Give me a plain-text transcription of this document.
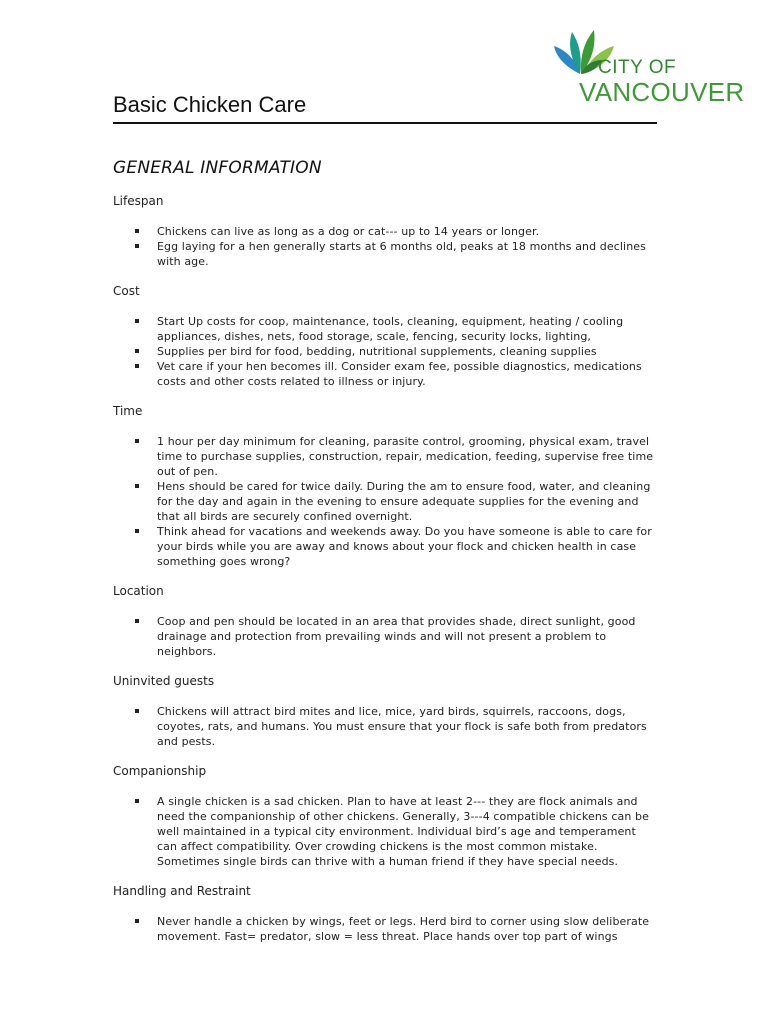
CITY OF
VANCOUVER
Basic Chicken Care
GENERAL INFORMATION

Lifespan

Chickens can live as long as a dog or cat--- up to 14 years or longer.
Egg laying for a hen generally starts at 6 months old, peaks at 18 months and declines with age.

Cost

Start Up costs for coop, maintenance, tools, cleaning, equipment, heating / cooling appliances, dishes, nets, food storage, scale, fencing, security locks, lighting,
Supplies per bird for food, bedding, nutritional supplements, cleaning supplies
Vet care if your hen becomes ill. Consider exam fee, possible diagnostics, medications costs and other costs related to illness or injury.

Time

1 hour per day minimum for cleaning, parasite control, grooming, physical exam, travel time to purchase supplies, construction, repair, medication, feeding, supervise free time out of pen.
Hens should be cared for twice daily. During the am to ensure food, water, and cleaning for the day and again in the evening to ensure adequate supplies for the evening and that all birds are securely confined overnight.
Think ahead for vacations and weekends away. Do you have someone is able to care for your birds while you are away and knows about your flock and chicken health in case something goes wrong?

Location

Coop and pen should be located in an area that provides shade, direct sunlight, good drainage and protection from prevailing winds and will not present a problem to neighbors.

Uninvited guests

Chickens will attract bird mites and lice, mice, yard birds, squirrels, raccoons, dogs, coyotes, rats, and humans. You must ensure that your flock is safe both from predators and pests.

Companionship

A single chicken is a sad chicken. Plan to have at least 2--- they are flock animals and need the companionship of other chickens. Generally, 3---4 compatible chickens can be well maintained in a typical city environment. Individual bird’s age and temperament can affect compatibility. Over crowding chickens is the most common mistake. Sometimes single birds can thrive with a human friend if they have special needs.

Handling and Restraint

Never handle a chicken by wings, feet or legs. Herd bird to corner using slow deliberate movement. Fast= predator, slow = less threat. Place hands over top part of wings
